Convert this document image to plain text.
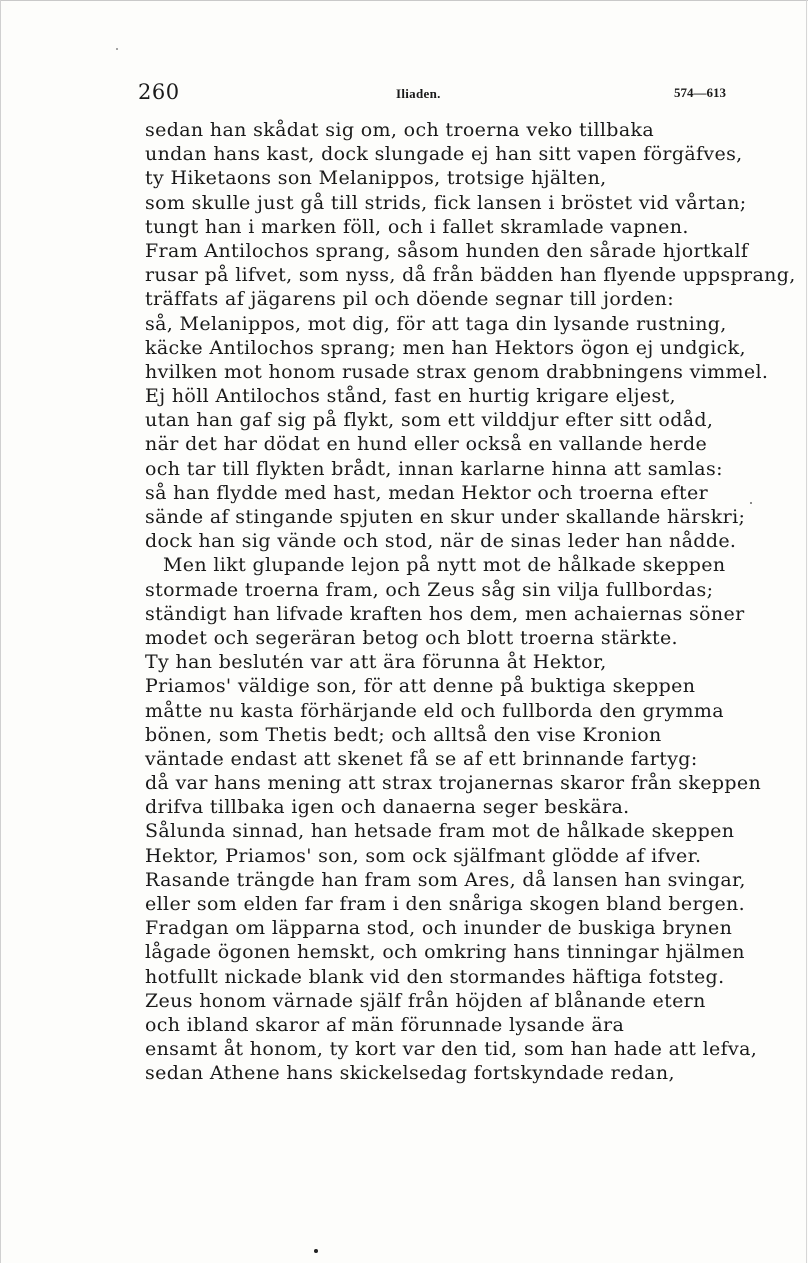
260	Iliaden.	574—613
sedan han skådat sig om, och troerna veko tillbaka
undan hans kast, dock slungade ej han sitt vapen förgäfves,
ty Hiketaons son Melanippos, trotsige hjälten,
som skulle just gå till strids, fick lansen i bröstet vid vårtan;
tungt han i marken föll, och i fallet skramlade vapnen.
Fram Antilochos sprang, såsom hunden den sårade hjortkalf
rusar på lifvet, som nyss, då från bädden han flyende uppsprang,
träffats af jägarens pil och döende segnar till jorden:
så, Melanippos, mot dig, för att taga din lysande rustning,
käcke Antilochos sprang; men han Hektors ögon ej undgick,
hvilken mot honom rusade strax genom drabbningens vimmel.
Ej höll Antilochos stånd, fast en hurtig krigare eljest,
utan han gaf sig på flykt, som ett vilddjur efter sitt odåd,
när det har dödat en hund eller också en vallande herde
och tar till flykten brådt, innan karlarne hinna att samlas:
så han flydde med hast, medan Hektor och troerna efter
sände af stingande spjuten en skur under skallande härskri;
dock han sig vände och stod, när de sinas leder han nådde.
Men likt glupande lejon på nytt mot de hålkade skeppen
stormade troerna fram, och Zeus såg sin vilja fullbordas;
ständigt han lifvade kraften hos dem, men achaiernas söner
modet och segeräran betog och blott troerna stärkte.
Ty han beslutén var att ära förunna åt Hektor,
Priamos' väldige son, för att denne på buktiga skeppen
måtte nu kasta förhärjande eld och fullborda den grymma
bönen, som Thetis bedt; och alltså den vise Kronion
väntade endast att skenet få se af ett brinnande fartyg:
då var hans mening att strax trojanernas skaror från skeppen
drifva tillbaka igen och danaerna seger beskära.
Sålunda sinnad, han hetsade fram mot de hålkade skeppen
Hektor, Priamos' son, som ock själfmant glödde af ifver.
Rasande trängde han fram som Ares, då lansen han svingar,
eller som elden far fram i den snåriga skogen bland bergen.
Fradgan om läpparna stod, och inunder de buskiga brynen
lågade ögonen hemskt, och omkring hans tinningar hjälmen
hotfullt nickade blank vid den stormandes häftiga fotsteg.
Zeus honom värnade själf från höjden af blånande etern
och ibland skaror af män förunnade lysande ära
ensamt åt honom, ty kort var den tid, som han hade att lefva,
sedan Athene hans skickelsedag fortskyndade redan,
